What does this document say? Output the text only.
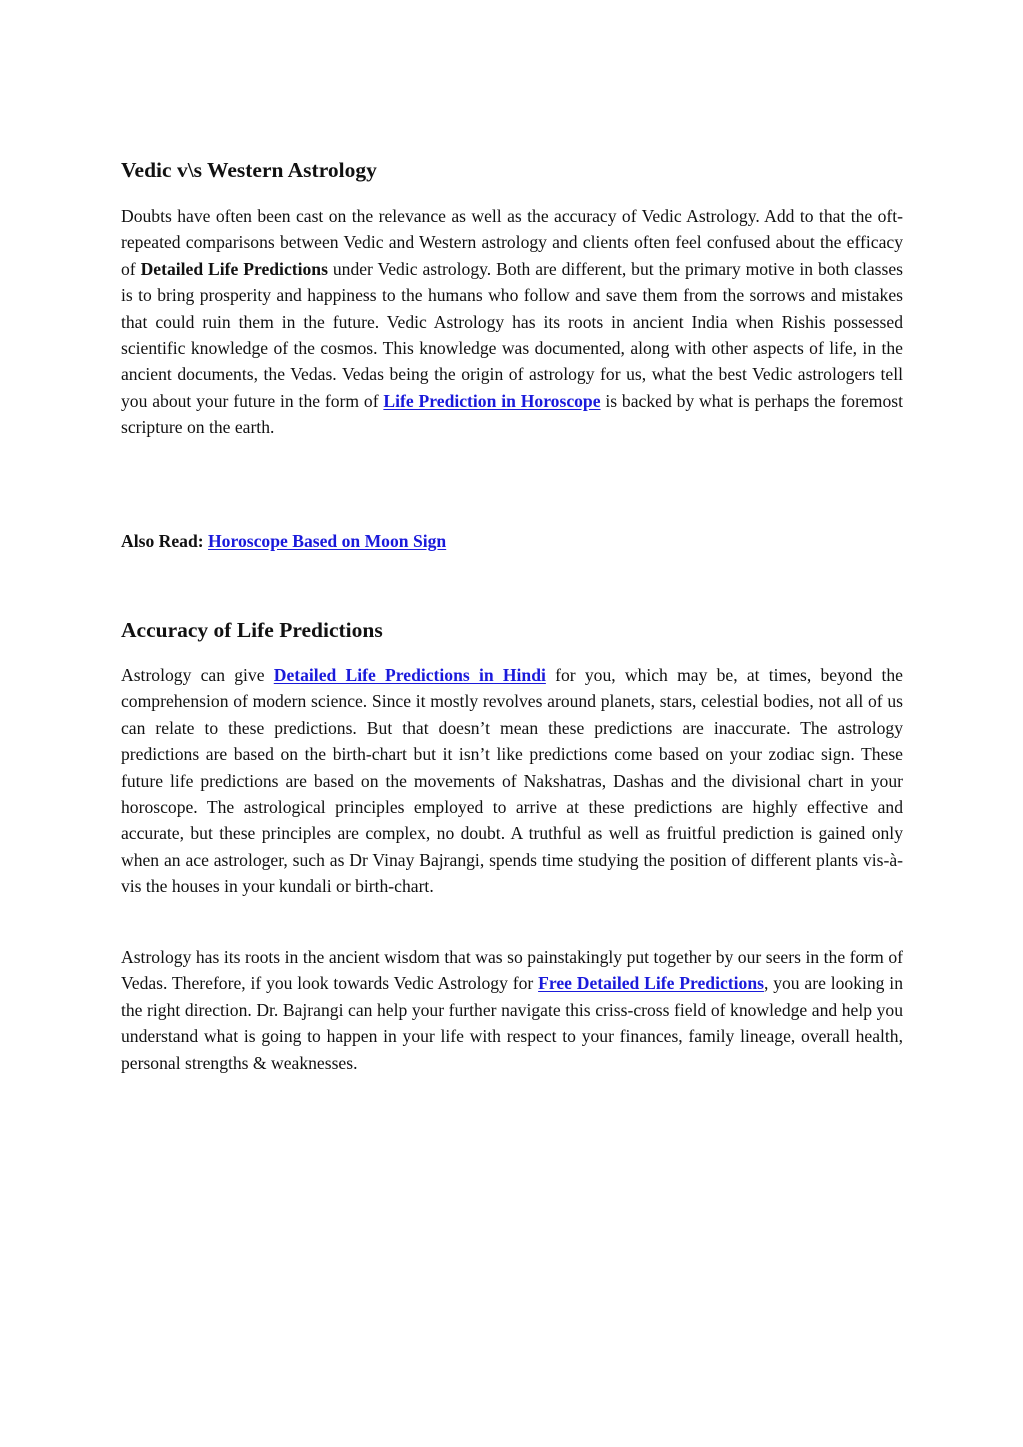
Vedic v\s Western Astrology

Doubts have often been cast on the relevance as well as the accuracy of Vedic Astrology. Add to that the oft-repeated comparisons between Vedic and Western astrology and clients often feel confused about the efficacy of Detailed Life Predictions under Vedic astrology. Both are different, but the primary motive in both classes is to bring prosperity and happiness to the humans who follow and save them from the sorrows and mistakes that could ruin them in the future. Vedic Astrology has its roots in ancient India when Rishis possessed scientific knowledge of the cosmos. This knowledge was documented, along with other aspects of life, in the ancient documents, the Vedas. Vedas being the origin of astrology for us, what the best Vedic astrologers tell you about your future in the form of Life Prediction in Horoscope is backed by what is perhaps the foremost scripture on the earth.

Also Read: Horoscope Based on Moon Sign

Accuracy of Life Predictions

Astrology can give Detailed Life Predictions in Hindi for you, which may be, at times, beyond the comprehension of modern science. Since it mostly revolves around planets, stars, celestial bodies, not all of us can relate to these predictions. But that doesn’t mean these predictions are inaccurate. The astrology predictions are based on the birth-chart but it isn’t like predictions come based on your zodiac sign. These future life predictions are based on the movements of Nakshatras, Dashas and the divisional chart in your horoscope. The astrological principles employed to arrive at these predictions are highly effective and accurate, but these principles are complex, no doubt. A truthful as well as fruitful prediction is gained only when an ace astrologer, such as Dr Vinay Bajrangi, spends time studying the position of different plants vis-à-vis the houses in your kundali or birth-chart.

Astrology has its roots in the ancient wisdom that was so painstakingly put together by our seers in the form of Vedas. Therefore, if you look towards Vedic Astrology for Free Detailed Life Predictions, you are looking in the right direction. Dr. Bajrangi can help your further navigate this criss-cross field of knowledge and help you understand what is going to happen in your life with respect to your finances, family lineage, overall health, personal strengths & weaknesses.
